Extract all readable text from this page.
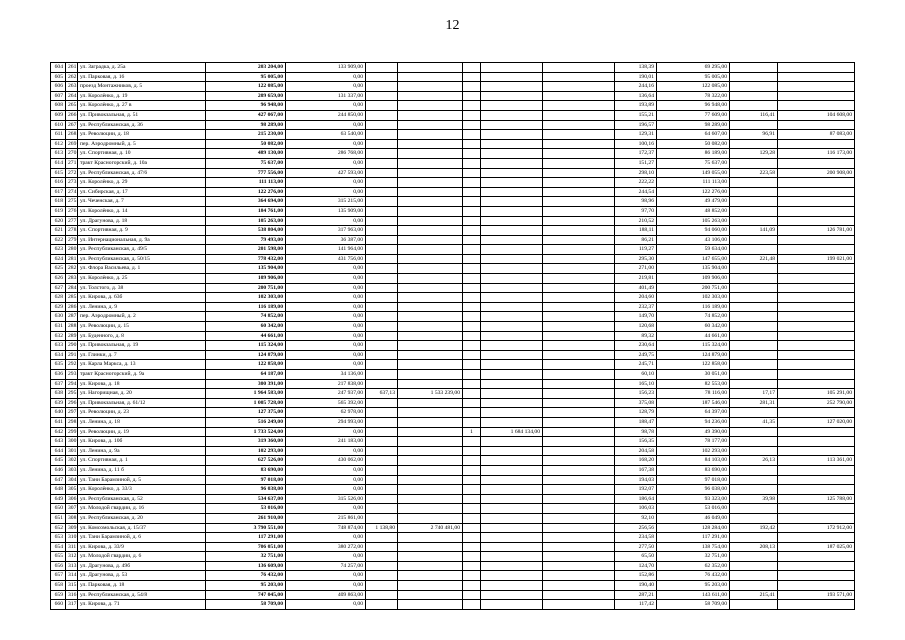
12
604	261	ул. Заградка, д. 25а	203 204,00	133 909,00						138,39	69 295,00		
605	262	ул. Парковая, д. 16	95 005,00	0,00						190,01	95 005,00		
606	263	проезд Монтажников, д. 5	122 085,00	0,00						244,16	122 085,00		
607	264	ул. Королёнко, д. 19	209 659,00	131 337,00						136,64	78 322,00		
608	265	ул. Королёнко, д. 27 в	96 948,00	0,00						193,89	96 948,00		
609	266	ул. Привокзальная, д. 51	427 067,00	244 850,00						155,21	77 609,00	116,41	104 608,00
610	267	ул. Республиканская, д. 36	98 289,00	0,00						196,57	98 289,00		
611	268	ул. Революции, д. 18	215 230,00	63 540,00						129,31	64 607,00	96,91	87 083,00
612	269	пер. Аэродромный, д. 5	50 082,00	0,00						100,16	50 082,00		
613	270	ул. Спортивная, д. 10	489 130,00	286 768,00						172,37	86 189,00	129,28	116 173,00
614	271	тракт Красногорский, д. 10а	75 637,00	0,00						151,27	75 637,00		
615	272	ул. Республиканская, д. 47/6	777 556,00	427 593,00						298,10	149 055,00	223,58	200 908,00
616	273	ул. Королёнко, д. 29	111 113,00	0,00						222,22	111 113,00		
617	274	ул. Сибирская, д. 17	122 276,00	0,00						244,54	122 276,00		
618	275	ул. Чеченская, д. 7	364 694,00	315 215,00						98,96	49 479,00		
619	276	ул. Королёнко, д. 14	184 761,00	135 909,00						97,70	48 852,00		
620	277	ул. Драгунова, д. 18	105 263,00	0,00						210,52	105 263,00		
621	278	ул. Спортивная, д. 9	538 804,00	317 963,00						188,11	94 060,00	141,09	126 781,00
622	279	ул. Интернациональная, д. 9а	79 493,00	36 387,00						86,21	43 106,00		
623	280	ул. Республиканская, д. 49/5	201 598,00	141 964,00						119,27	59 634,00		
624	281	ул. Республиканская, д. 50/15	778 432,00	431 756,00						295,30	147 655,00	221,48	199 021,00
625	282	ул. Флора Васильева, д. 1	135 904,00	0,00						271,00	135 904,00		
626	283	ул. Королёнко, д. 25	109 906,00	0,00						219,81	109 906,00		
627	284	ул. Толстого, д. 38	200 751,00	0,00						401,49	200 751,00		
628	285	ул. Кирова, д. 63б	102 303,00	0,00						204,60	102 303,00		
629	286	ул. Ленина, д. 9	116 189,00	0,00						232,37	116 189,00		
630	287	пер. Аэродромный, д. 2	74 852,00	0,00						149,70	74 852,00		
631	288	ул. Революции, д. 15	60 342,00	0,00						120,68	60 342,00		
632	289	ул. Буденного, д. 8	44 661,00	0,00						89,32	44 661,00		
633	290	ул. Привокзальная, д. 19	115 324,00	0,00						230,64	115 324,00		
634	291	ул. Глинки, д. 7	124 879,00	0,00						249,75	124 879,00		
635	292	ул. Карла Маркса, д. 13	122 858,00	0,00						245,71	122 858,00		
636	293	тракт Красногорский, д. 9а	64 187,00	34 136,00						60,10	30 051,00		
637	294	ул. Кирова, д. 18	300 391,00	217 838,00						165,10	82 553,00		
638	295	ул. Нагорищная, д. 20	1 964 583,00	247 937,00	637,13	1 533 239,00				156,23	78 116,00	17,17	105 291,00
639	296	ул. Привокзальная, д. 61/12	1 005 728,00	565 392,00						375,08	187 546,00	281,31	252 790,00
640	297	ул. Революции, д. 23	127 375,00	62 978,00						128,79	64 397,00		
641	298	ул. Ленина, д. 18	516 249,00	294 993,00						188,47	94 236,00	41,35	127 020,00
642	299	ул. Революции, д. 19	1 733 524,00	0,00			1	1 684 134,00		98,78	49 390,00		
643	300	ул. Кирова, д. 10б	319 360,00	241 183,00						156,35	78 177,00		
644	301	ул. Ленина, д. 9а	102 293,00	0,00						204,58	102 293,00		
645	302	ул. Спортивная, д. 1	627 526,00	430 062,00						168,20	84 103,00	26,13	113 361,00
646	303	ул. Ленина, д. 11 б	83 690,00	0,00						167,38	83 690,00		
647	304	ул. Тани Барамзиной, д. 5	97 018,00	0,00						194,03	97 018,00		
648	305	ул. Королёнко, д. 33/3	96 038,00	0,00						192,07	96 038,00		
649	306	ул. Республиканская, д. 52	534 637,00	315 526,00						186,64	93 323,00	39,98	125 788,00
650	307	ул. Молодой гвардии, д. 16	53 016,00	0,00						106,03	53 016,00		
651	308	ул. Республиканская, д. 20	261 910,00	215 861,00						92,10	46 049,00		
652	309	ул. Комсомольская, д. 15/37	3 790 551,00	748 874,00	1 138,80	2 740 481,00				256,56	128 284,00	192,42	172 912,00
653	310	ул. Тани Барамзиной, д. 6	117 291,00	0,00						234,58	117 291,00		
654	311	ул. Кирова, д. 33/9	706 051,00	380 272,00						277,50	138 754,00	208,13	187 025,00
655	312	ул. Молодой гвардии, д. 6	32 751,00	0,00						65,50	32 751,00		
656	313	ул. Драгунова, д. 49б	136 609,00	74 257,00						124,70	62 352,00		
657	314	ул. Драгунова, д. 53	76 432,00	0,00						152,86	76 432,00		
658	315	ул. Парковая, д. 18	95 203,00	0,00						190,40	95 203,00		
659	316	ул. Республиканская, д. 54/8	747 045,00	409 863,00						287,21	143 611,00	215,41	193 571,00
660	317	ул. Кирова, д. 71	58 709,00	0,00						117,42	58 709,00		
